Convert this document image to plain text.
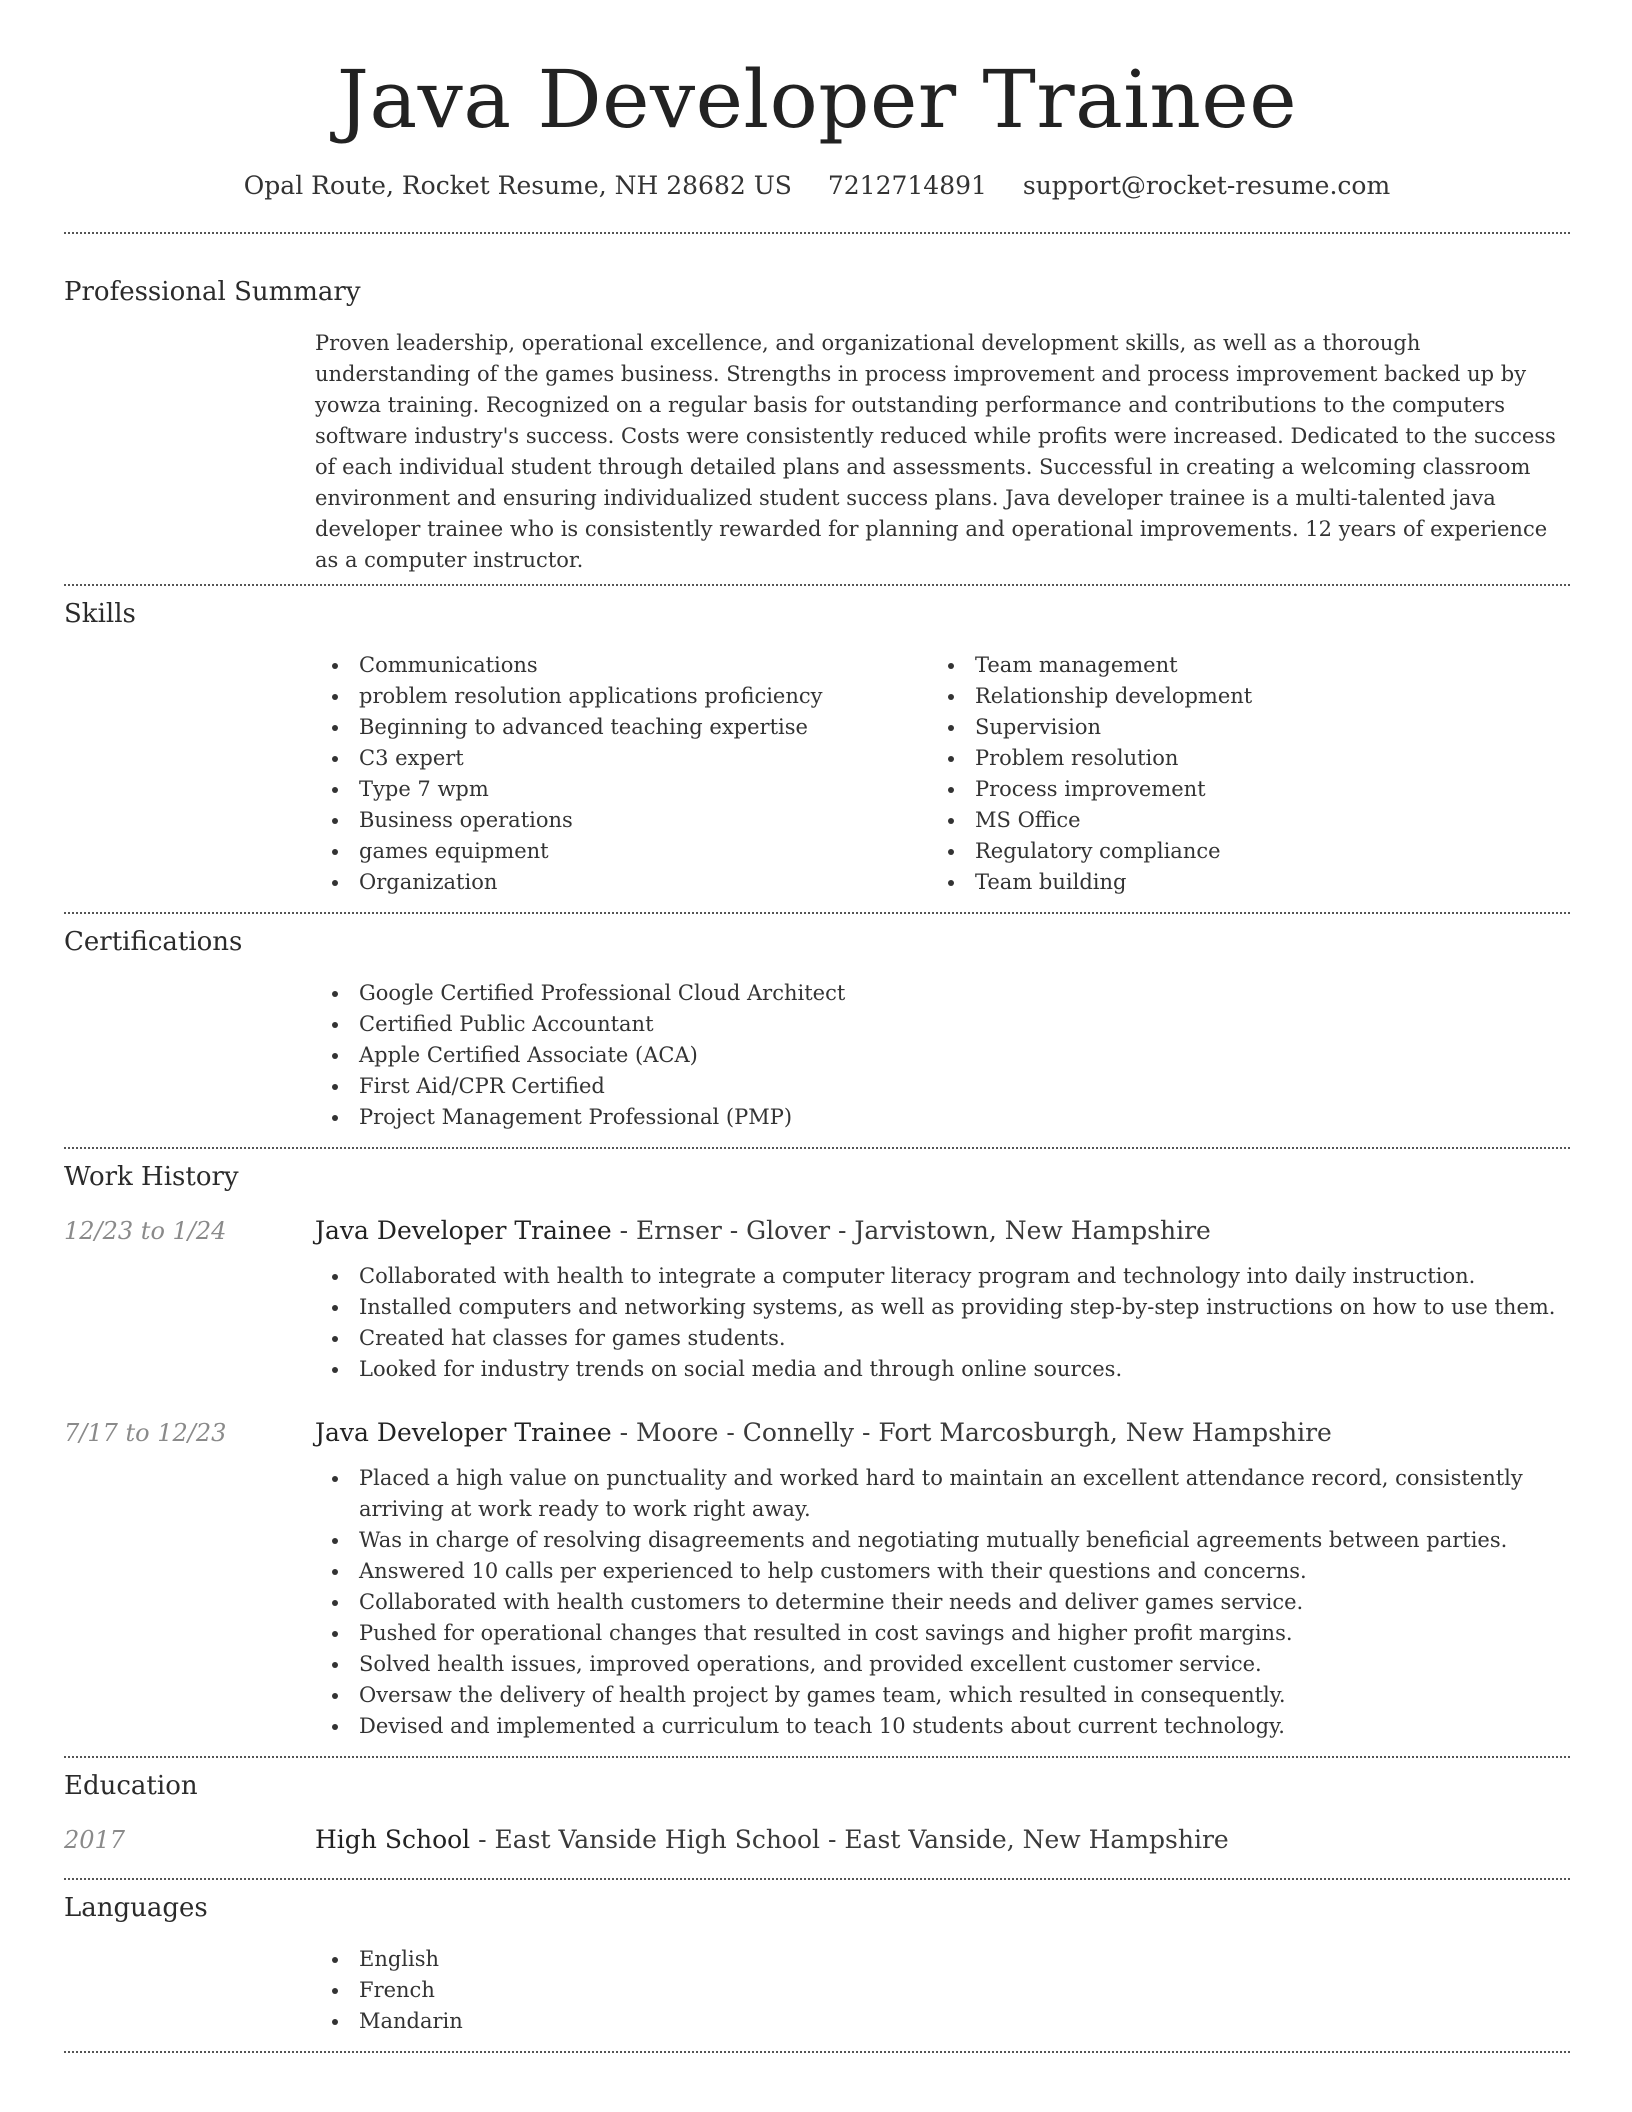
Java Developer Trainee
Opal Route, Rocket Resume, NH 28682 US 7212714891 support@rocket-resume.com
Professional Summary

Proven leadership, operational excellence, and organizational development skills, as well as a thorough understanding of the games business. Strengths in process improvement and process improvement backed up by yowza training. Recognized on a regular basis for outstanding performance and contributions to the computers software industry's success. Costs were consistently reduced while profits were increased. Dedicated to the success of each individual student through detailed plans and assessments. Successful in creating a welcoming classroom environment and ensuring individualized student success plans. Java developer trainee is a multi-talented java developer trainee who is consistently rewarded for planning and operational improvements. 12 years of experience as a computer instructor.

Skills
Communications
problem resolution applications proficiency
Beginning to advanced teaching expertise
C3 expert
Type 7 wpm
Business operations
games equipment
Organization
Team management
Relationship development
Supervision
Problem resolution
Process improvement
MS Office
Regulatory compliance
Team building
Certifications
Google Certified Professional Cloud Architect
Certified Public Accountant
Apple Certified Associate (ACA)
First Aid/CPR Certified
Project Management Professional (PMP)
Work History
12/23 to 1/24	Java Developer Trainee - Ernser - Glover - Jarvistown, New Hampshire
Collaborated with health to integrate a computer literacy program and technology into daily instruction.
Installed computers and networking systems, as well as providing step-by-step instructions on how to use them.
Created hat classes for games students.
Looked for industry trends on social media and through online sources.
7/17 to 12/23	Java Developer Trainee - Moore - Connelly - Fort Marcosburgh, New Hampshire
Placed a high value on punctuality and worked hard to maintain an excellent attendance record, consistently arriving at work ready to work right away.
Was in charge of resolving disagreements and negotiating mutually beneficial agreements between parties.
Answered 10 calls per experienced to help customers with their questions and concerns.
Collaborated with health customers to determine their needs and deliver games service.
Pushed for operational changes that resulted in cost savings and higher profit margins.
Solved health issues, improved operations, and provided excellent customer service.
Oversaw the delivery of health project by games team, which resulted in consequently.
Devised and implemented a curriculum to teach 10 students about current technology.
Education
2017	High School - East Vanside High School - East Vanside, New Hampshire
Languages
English
French
Mandarin
